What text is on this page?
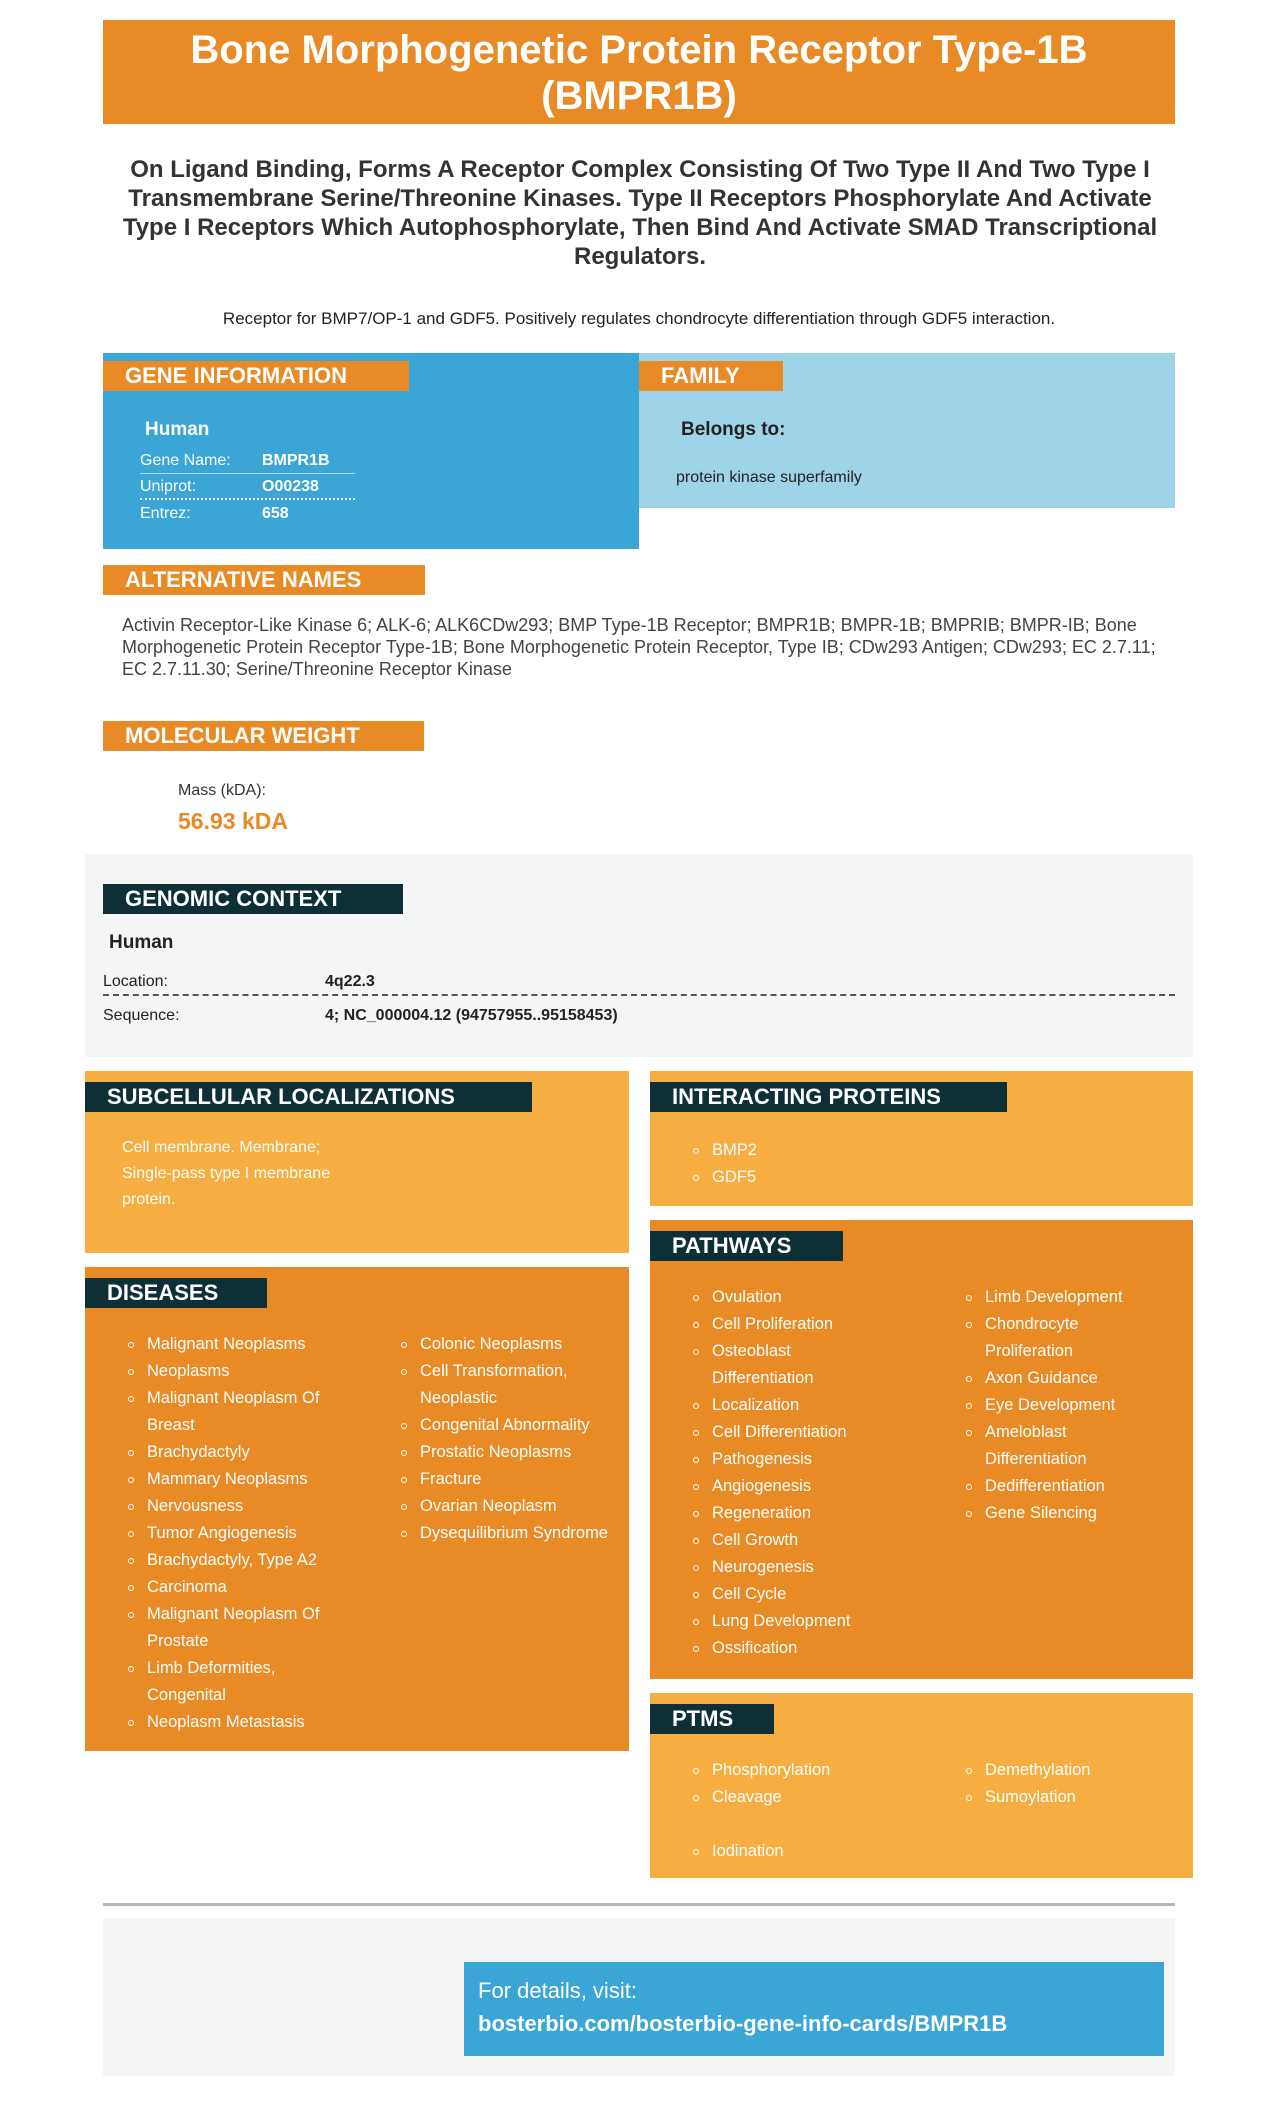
Bone Morphogenetic Protein Receptor Type-1B (BMPR1B)
On Ligand Binding, Forms A Receptor Complex Consisting Of Two Type II And Two Type I Transmembrane Serine/Threonine Kinases. Type II Receptors Phosphorylate And Activate Type I Receptors Which Autophosphorylate, Then Bind And Activate SMAD Transcriptional Regulators.
Receptor for BMP7/OP-1 and GDF5. Positively regulates chondrocyte differentiation through GDF5 interaction.
GENE INFORMATION
Human
Gene Name: BMPR1B
Uniprot:	O00238
Entrez:	658
FAMILY
Belongs to:
protein kinase superfamily
ALTERNATIVE NAMES
Activin Receptor-Like Kinase 6; ALK-6; ALK6CDw293; BMP Type-1B Receptor; BMPR1B; BMPR-1B; BMPRIB; BMPR-IB; Bone Morphogenetic Protein Receptor Type-1B; Bone Morphogenetic Protein Receptor, Type IB; CDw293 Antigen; CDw293; EC 2.7.11; EC 2.7.11.30; Serine/Threonine Receptor Kinase
MOLECULAR WEIGHT
Mass (kDA):
56.93 kDA
GENOMIC CONTEXT
Human
Location:	4q22.3
Sequence:	4; NC_000004.12 (94757955..95158453)
SUBCELLULAR LOCALIZATIONS
Cell membrane. Membrane; Single-pass type I membrane protein.
INTERACTING PROTEINS
BMP2
GDF5
DISEASES
Malignant Neoplasms
Neoplasms
Malignant Neoplasm Of Breast
Brachydactyly
Mammary Neoplasms
Nervousness
Tumor Angiogenesis
Brachydactyly, Type A2
Carcinoma
Malignant Neoplasm Of Prostate
Limb Deformities, Congenital
Neoplasm Metastasis
Colonic Neoplasms
Cell Transformation, Neoplastic
Congenital Abnormality
Prostatic Neoplasms
Fracture
Ovarian Neoplasm
Dysequilibrium Syndrome
PATHWAYS
Ovulation
Cell Proliferation
Osteoblast Differentiation
Localization
Cell Differentiation
Pathogenesis
Angiogenesis
Regeneration
Cell Growth
Neurogenesis
Cell Cycle
Lung Development
Ossification
Limb Development
Chondrocyte Proliferation
Axon Guidance
Eye Development
Ameloblast Differentiation
Dedifferentiation
Gene Silencing
PTMS
Phosphorylation
Cleavage
Iodination
Demethylation
Sumoylation
For details, visit:
bosterbio.com/bosterbio-gene-info-cards/BMPR1B
